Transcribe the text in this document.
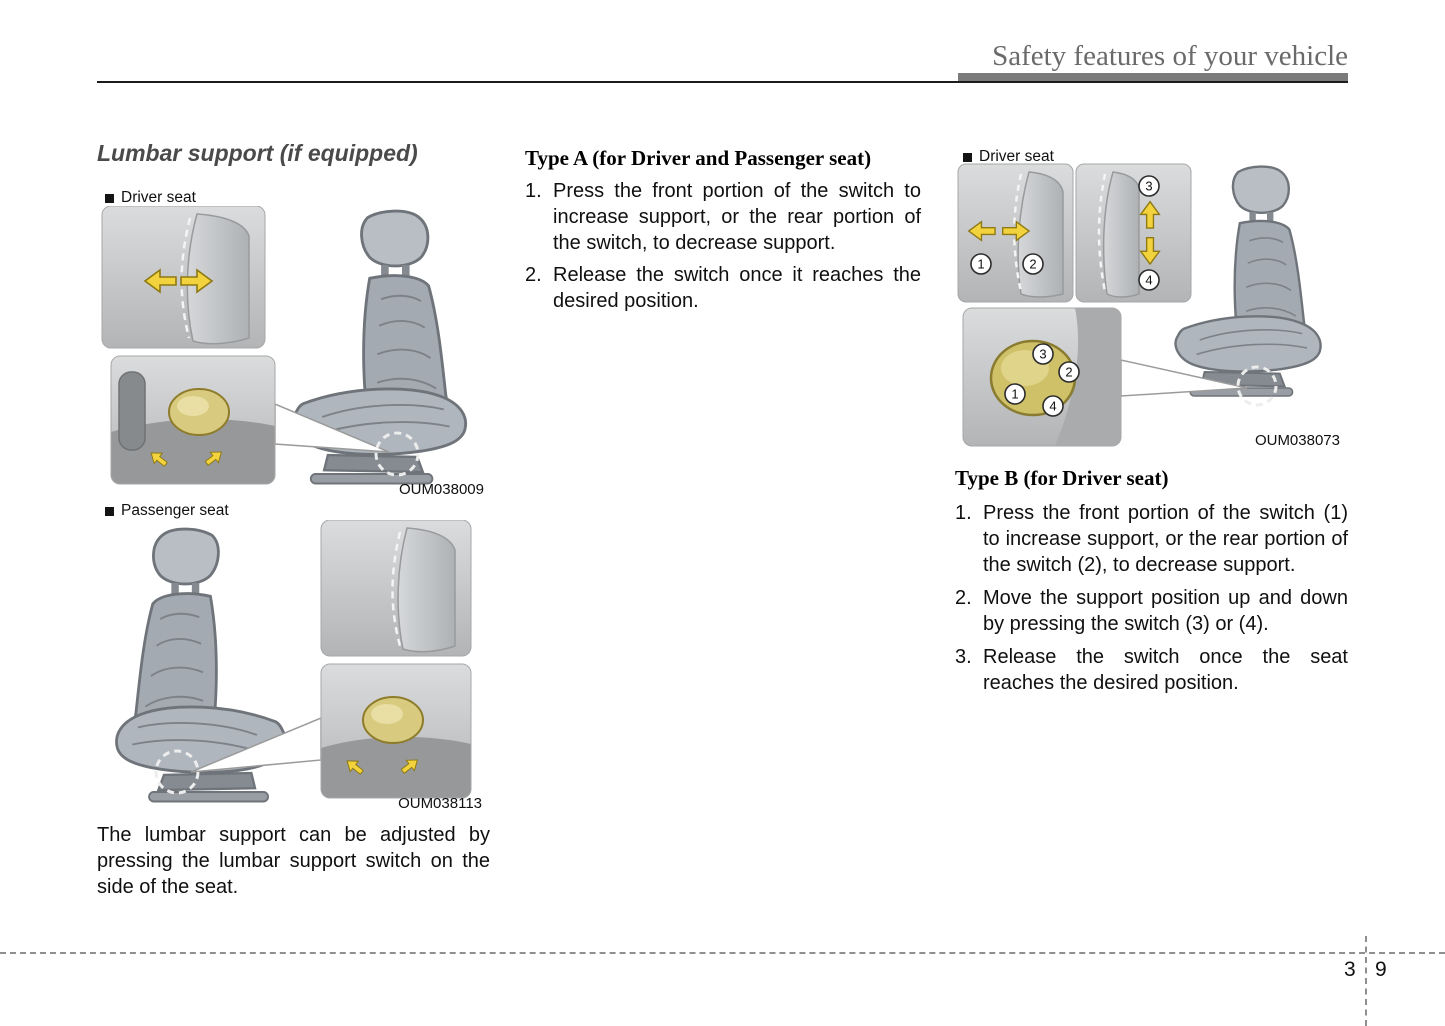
Safety features of your vehicle
Lumbar support (if equipped)
Driver seat
OUM038009
Passenger seat
OUM038113
The lumbar support can be adjusted by pressing the lumbar support switch on the side of the seat.
Type A (for Driver and Passenger seat)
1. Press the front portion of the switch to increase support, or the rear portion of the switch, to decrease support.
2. Release the switch once it reaches the desired position.
1	2
3
4
3
2
1
4
Driver seat
OUM038073
Type B (for Driver seat)
1. Press the front portion of the switch (1) to increase support, or the rear portion of the switch (2), to decrease support.
2. Move the support position up and down by pressing the switch (3) or (4).
3. Release the switch once the seat reaches the desired position.
3 9
